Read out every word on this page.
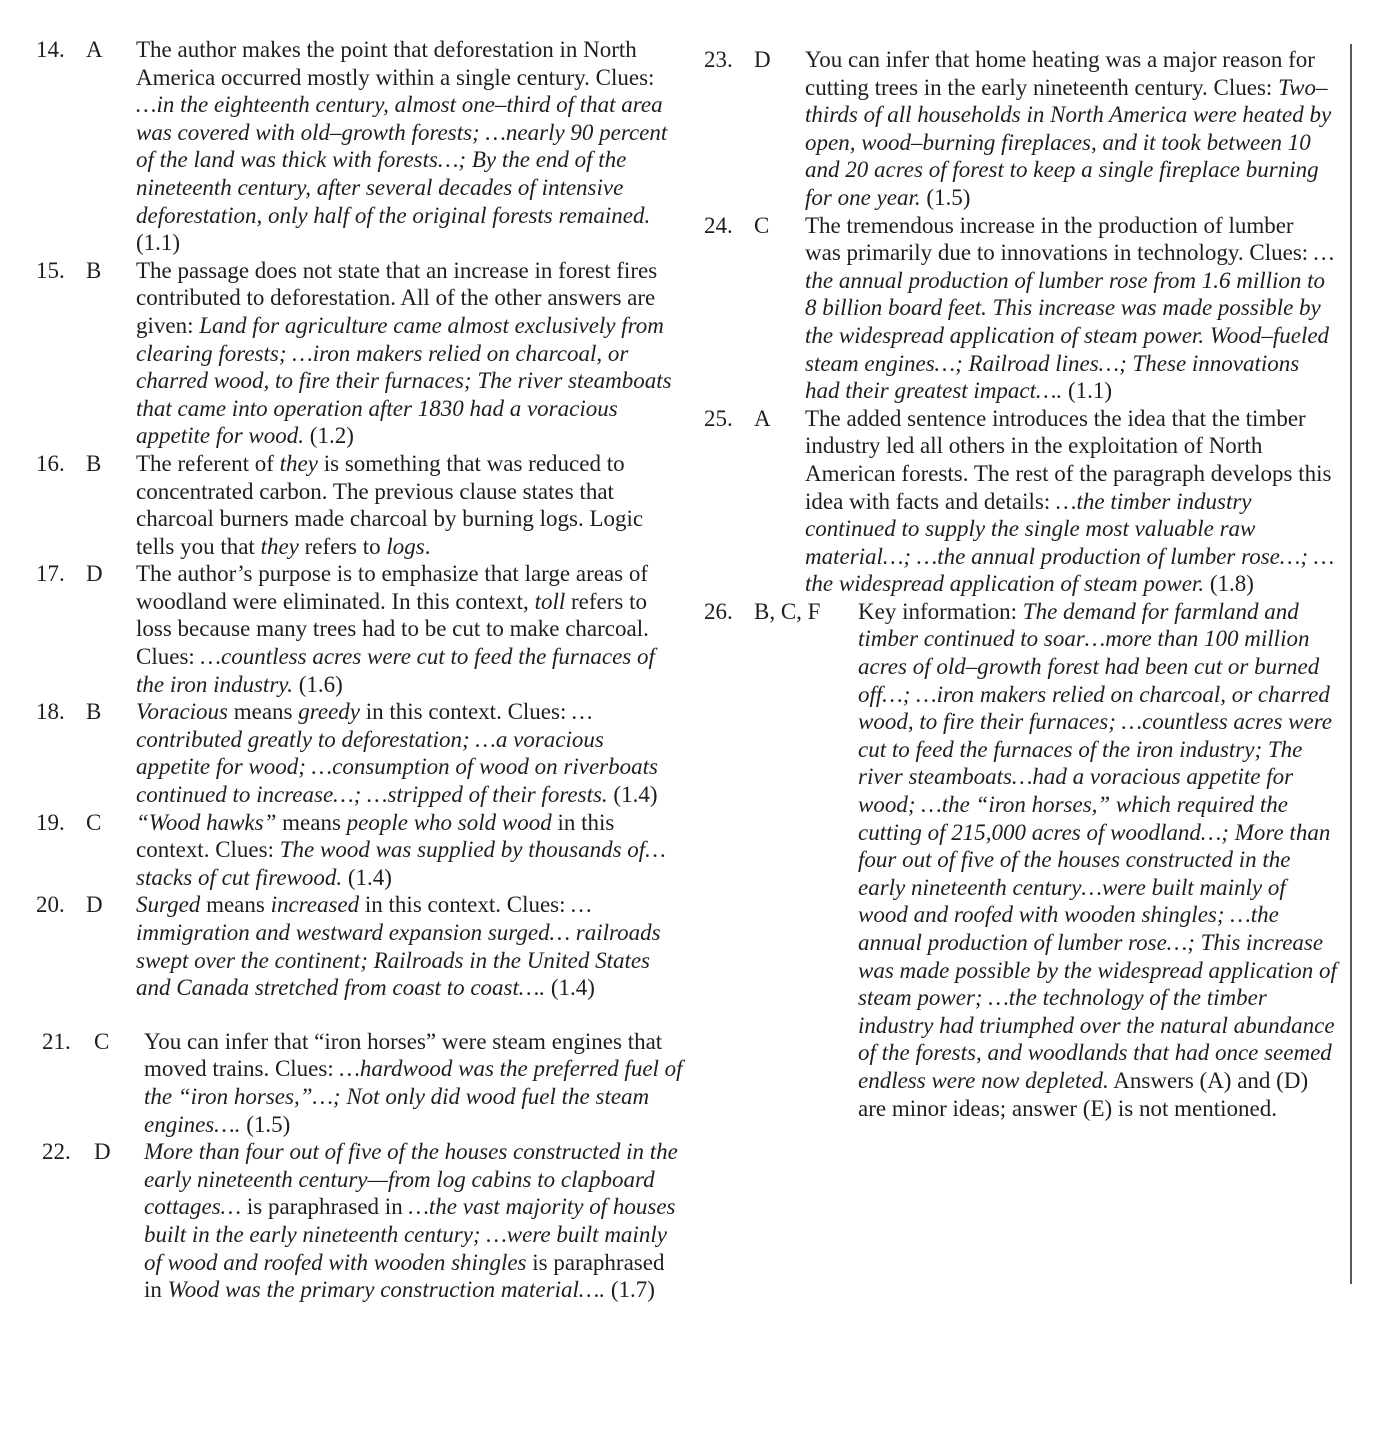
14. A The author makes the point that deforestation in North America occurred mostly within a single century. Clues: …in the eighteenth century, almost one–third of that area was covered with old–growth forests; …nearly 90 percent of the land was thick with forests…; By the end of the nineteenth century, after several decades of intensive deforestation, only half of the original forests remained. (1.1)

15. B The passage does not state that an increase in forest fires contributed to deforestation. All of the other answers are given: Land for agriculture came almost exclusively from clearing forests; …iron makers relied on charcoal, or charred wood, to fire their furnaces; The river steamboats that came into operation after 1830 had a voracious appetite for wood. (1.2)

16. B The referent of they is something that was reduced to concentrated carbon. The previous clause states that charcoal burners made charcoal by burning logs. Logic tells you that they refers to logs.

17. D The author’s purpose is to emphasize that large areas of woodland were eliminated. In this context, toll refers to loss because many trees had to be cut to make charcoal. Clues: …countless acres were cut to feed the furnaces of the iron industry. (1.6)

18. B Voracious means greedy in this context. Clues: …contributed greatly to deforestation; …a voracious appetite for wood; …consumption of wood on riverboats continued to increase…; …stripped of their forests. (1.4)

19. C “Wood hawks” means people who sold wood in this context. Clues: The wood was supplied by thousands of…stacks of cut firewood. (1.4)

20. D Surged means increased in this context. Clues: …immigration and westward expansion surged… railroads swept over the continent; Railroads in the United States and Canada stretched from coast to coast…. (1.4)

21. C You can infer that “iron horses” were steam engines that moved trains. Clues: …hardwood was the preferred fuel of the “iron horses,”…; Not only did wood fuel the steam engines…. (1.5)

22. D More than four out of five of the houses constructed in the early nineteenth century—from log cabins to clapboard cottages… is paraphrased in …the vast majority of houses built in the early nineteenth century; …were built mainly of wood and roofed with wooden shingles is paraphrased in Wood was the primary construction material…. (1.7)

23. D You can infer that home heating was a major reason for cutting trees in the early nineteenth century. Clues: Two–thirds of all households in North America were heated by open, wood–burning fireplaces, and it took between 10 and 20 acres of forest to keep a single fireplace burning for one year. (1.5)

24. C The tremendous increase in the production of lumber was primarily due to innovations in technology. Clues: …the annual production of lumber rose from 1.6 million to 8 billion board feet. This increase was made possible by the widespread application of steam power. Wood–fueled steam engines…; Railroad lines…; These innovations had their greatest impact…. (1.1)

25. A The added sentence introduces the idea that the timber industry led all others in the exploitation of North American forests. The rest of the paragraph develops this idea with facts and details: …the timber industry continued to supply the single most valuable raw material…; …the annual production of lumber rose…; …the widespread application of steam power. (1.8)

26. B, C, F Key information: The demand for farmland and timber continued to soar…more than 100 million acres of old–growth forest had been cut or burned off…; …iron makers relied on charcoal, or charred wood, to fire their furnaces; …countless acres were cut to feed the furnaces of the iron industry; The river steamboats…had a voracious appetite for wood; …the “iron horses,” which required the cutting of 215,000 acres of woodland…; More than four out of five of the houses constructed in the early nineteenth century…were built mainly of wood and roofed with wooden shingles; …the annual production of lumber rose…; This increase was made possible by the widespread application of steam power; …the technology of the timber industry had triumphed over the natural abundance of the forests, and woodlands that had once seemed endless were now depleted. Answers (A) and (D) are minor ideas; answer (E) is not mentioned.
